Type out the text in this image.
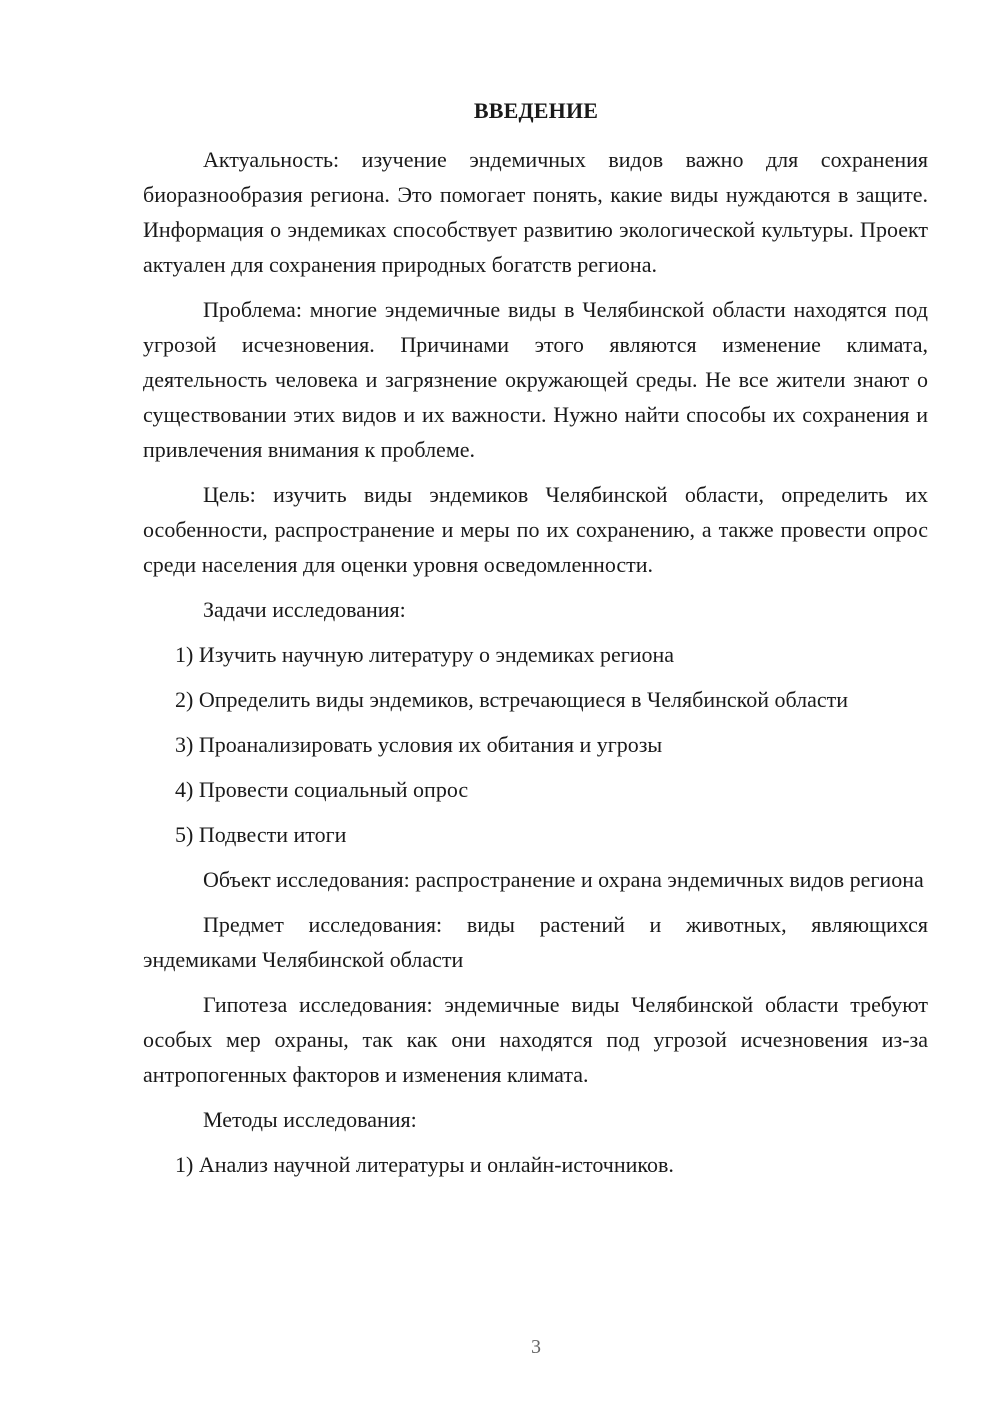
ВВЕДЕНИЕ

Актуальность: изучение эндемичных видов важно для сохранения биоразнообразия региона. Это помогает понять, какие виды нуждаются в защите. Информация о эндемиках способствует развитию экологической культуры. Проект актуален для сохранения природных богатств региона.

Проблема: многие эндемичные виды в Челябинской области находятся под угрозой исчезновения. Причинами этого являются изменение климата, деятельность человека и загрязнение окружающей среды. Не все жители знают о существовании этих видов и их важности. Нужно найти способы их сохранения и привлечения внимания к проблеме.

Цель: изучить виды эндемиков Челябинской области, определить их особенности, распространение и меры по их сохранению, а также провести опрос среди населения для оценки уровня осведомленности.

Задачи исследования:

1) Изучить научную литературу о эндемиках региона

2) Определить виды эндемиков, встречающиеся в Челябинской области

3) Проанализировать условия их обитания и угрозы

4) Провести социальный опрос

5) Подвести итоги

Объект исследования: распространение и охрана эндемичных видов региона

Предмет исследования: виды растений и животных, являющихся эндемиками Челябинской области

Гипотеза исследования: эндемичные виды Челябинской области требуют особых мер охраны, так как они находятся под угрозой исчезновения из-за антропогенных факторов и изменения климата.

Методы исследования:

1) Анализ научной литературы и онлайн-источников.

3
